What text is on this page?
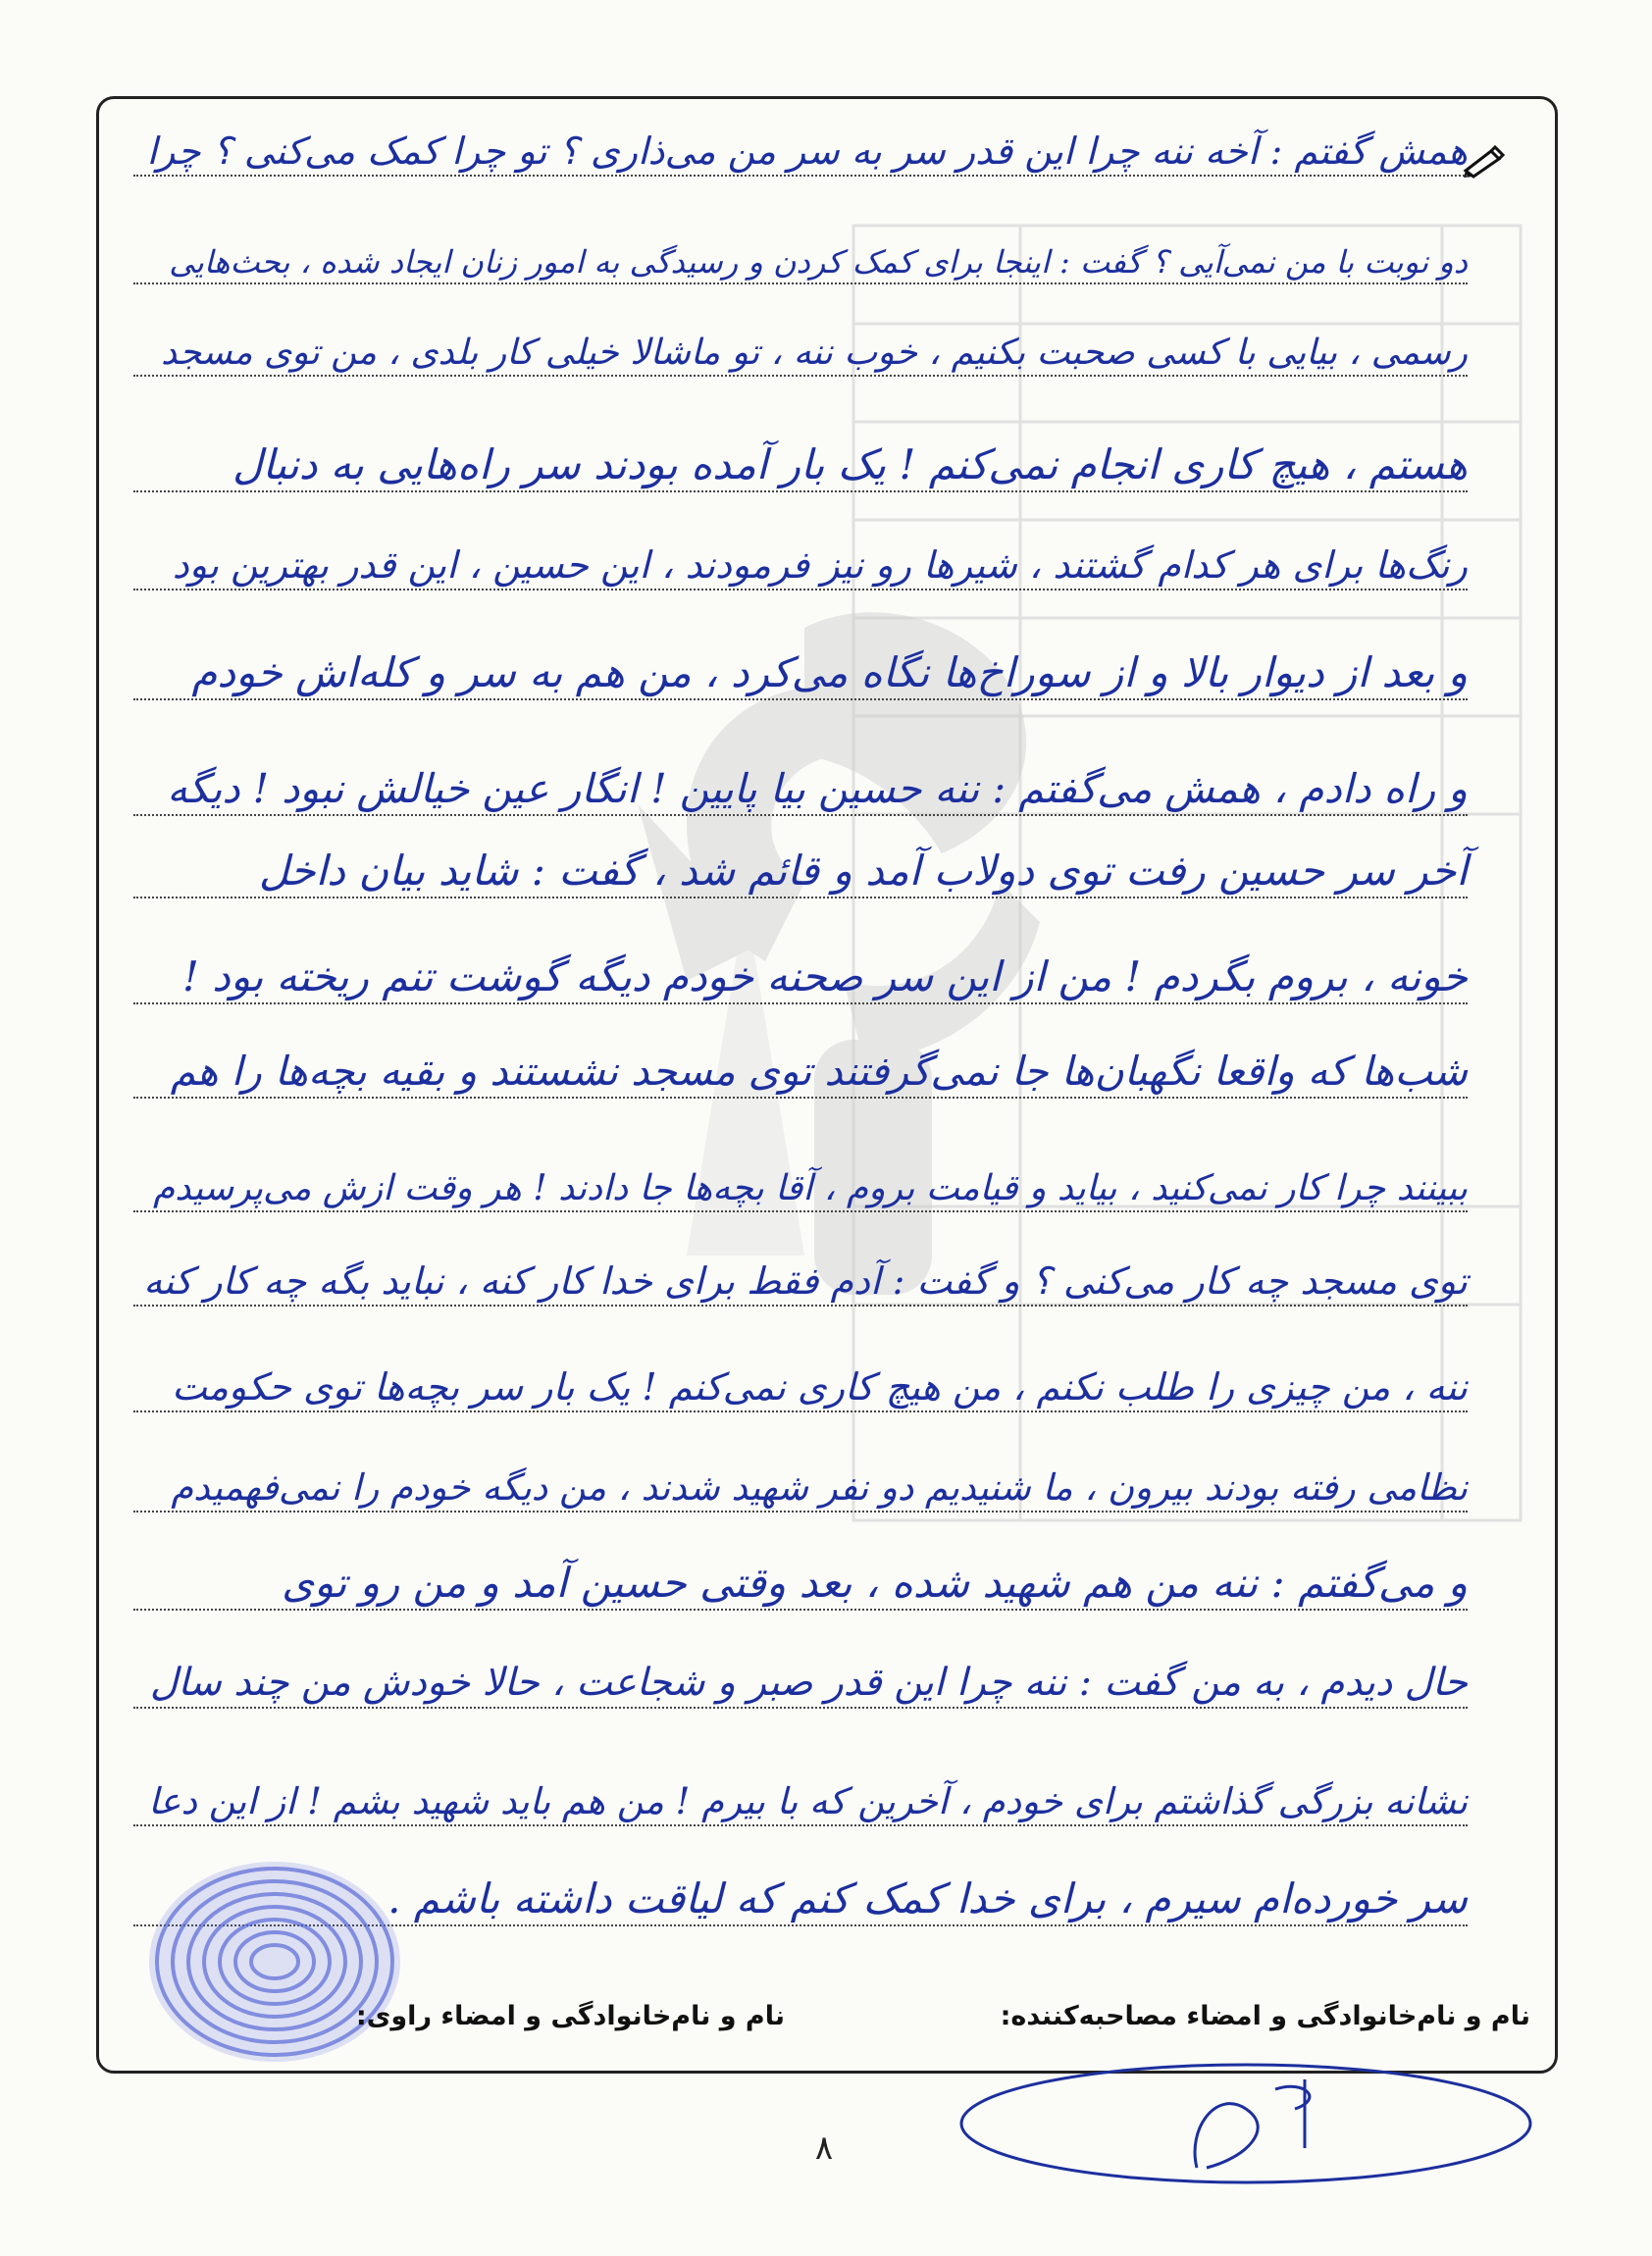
همش گفتم : آخه ننه چرا این قدر سر به سر من می‌ذاری ؟ تو چرا کمک می‌کنی ؟ چرا
دو نوبت با من نمی‌آیی ؟ گفت : اینجا برای کمک کردن و رسیدگی به امور زنان ایجاد شده ، بحث‌هایی
رسمی ، بیایی با کسی صحبت بکنیم ، خوب ننه ، تو ماشالا خیلی کار بلدی ، من توی مسجد
هستم ، هیچ کاری انجام نمی‌کنم ! یک بار آمده بودند سر راه‌هایی به دنبال
رنگ‌ها برای هر کدام گشتند ، شیرها رو نیز فرمودند ، این حسین ، این قدر بهترین بود
و بعد از دیوار بالا و از سوراخ‌ها نگاه می‌کرد ، من هم به سر و کله‌اش خودم
و راه دادم ، همش می‌گفتم : ننه حسین بیا پایین ! انگار عین خیالش نبود ! دیگه
آخر سر حسین رفت توی دولاب آمد و قائم شد ، گفت : شاید بیان داخل
خونه ، بروم بگردم ! من از این سر صحنه خودم دیگه گوشت تنم ریخته بود !
شب‌ها که واقعا نگهبان‌ها جا نمی‌گرفتند توی مسجد نشستند و بقیه بچه‌ها را هم
ببینند چرا کار نمی‌کنید ، بیاید و قیامت بروم ، آقا بچه‌ها جا دادند ! هر وقت ازش می‌پرسیدم
توی مسجد چه کار می‌کنی ؟ و گفت : آدم فقط برای خدا کار کنه ، نباید بگه چه کار کنه
ننه ، من چیزی را طلب نکنم ، من هیچ کاری نمی‌کنم ! یک بار سر بچه‌ها توی حکومت
نظامی رفته بودند بیرون ، ما شنیدیم دو نفر شهید شدند ، من دیگه خودم را نمی‌فهمیدم
و می‌گفتم : ننه من هم شهید شده ، بعد وقتی حسین آمد و من رو توی
حال دیدم ، به من گفت : ننه چرا این قدر صبر و شجاعت ، حالا خودش من چند سال
نشانه بزرگی گذاشتم برای خودم ، آخرین که با بیرم ! من هم باید شهید بشم ! از این دعا
سر خورده‌ام سیرم ، برای خدا کمک کنم که لیاقت داشته باشم .
نام و نام‌خانوادگی و امضاء مصاحبه‌کننده:
نام و نام‌خانوادگی و امضاء راوی:
۸
